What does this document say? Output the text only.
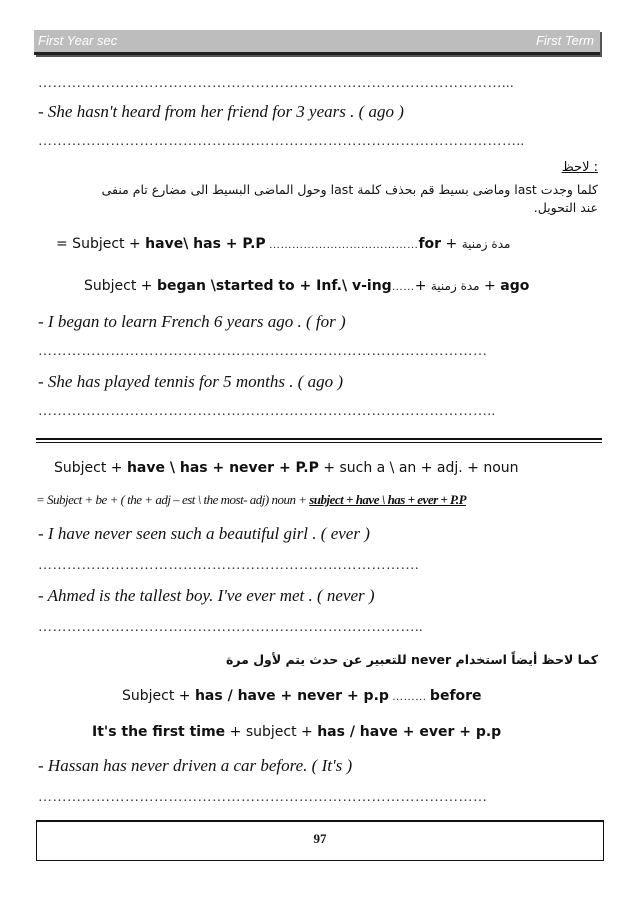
First Year sec	First Term
……………………………………………………………………………………...
- She hasn't heard from her friend for 3 years . ( ago )
………………………………………………………………………………………..
: لاحظ
كلما وجدت last وماضى بسيط قم بحذف كلمة last وحول الماضى البسيط الى مضارع تام منفى
عند التحويل.
= Subject + have\ has + P.P …………………………………for + مدة زمنية
Subject + began \started to + Inf.\ v-ing……+ مدة زمنية + ago
- I began to learn French 6 years ago . ( for )
…………………………………………………………………………………
- She has played tennis for 5 months . ( ago )
…………………………………………………………………………………..
Subject + have \ has + never + P.P + such a \ an + adj. + noun
= Subject + be + ( the + adj – est \ the most- adj) noun + subject + have \ has + ever + P.P
- I have never seen such a beautiful girl . ( ever )
…………………………………………………………………….
- Ahmed is the tallest boy. I've ever met . ( never )
……………………………………………………………………..
كما لاحظ أيضاً استخدام never للتعبير عن حدث يتم لأول مرة
Subject + has / have + never + p.p ……… before
It's the first time + subject + has / have + ever + p.p
- Hassan has never driven a car before. ( It's )
…………………………………………………………………………………
97
